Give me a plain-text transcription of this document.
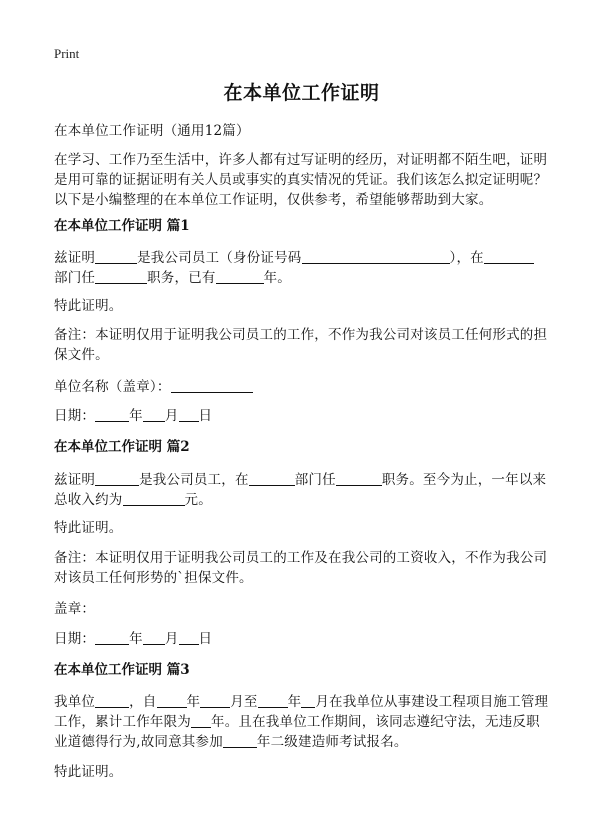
Print
在本单位工作证明
在本单位工作证明（通用12篇）
在学习、工作乃至生活中，许多人都有过写证明的经历，对证明都不陌生吧，证明是用可靠的证据证明有关人员或事实的真实情况的凭证。我们该怎么拟定证明呢？以下是小编整理的在本单位工作证明，仅供参考，希望能够帮助到大家。
在本单位工作证明 篇1
兹证明	是我公司员工（身份证号码	），在
部门任	职务，已有	年。
特此证明。
备注：本证明仅用于证明我公司员工的工作，不作为我公司对该员工任何形式的担保文件。
单位名称（盖章）：
日期：	年 月 日
在本单位工作证明 篇2
兹证明	是我公司员工，在	部门任	职务。至今为止，一年以来总收入约为	元。
特此证明。
备注：本证明仅用于证明我公司员工的工作及在我公司的工资收入，不作为我公司对该员工任何形势的`担保文件。
盖章：
日期：	年 月 日
在本单位工作证明 篇3
我单位	，自 年 月至 年 月在我单位从事建设工程项目施工管理工作，累计工作年限为 年。且在我单位工作期间，该同志遵纪守法，无违反职业道德得行为,故同意其参加	年二级建造师考试报名。
特此证明。
